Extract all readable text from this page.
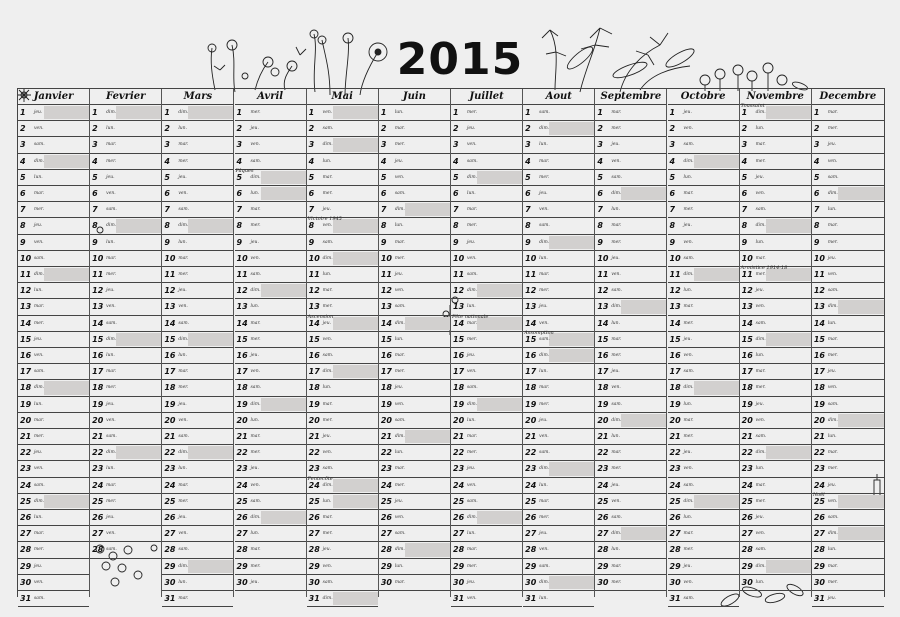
2015
Janvier
1 jeu.
2 ven.
3 sam.
4 dim.
5 lun.
6 mar.
7 mer.
8 jeu.
9 ven.
10 sam.
11 dim.
12 lun.
13 mar.
14 mer.
15 jeu.
16 ven.
17 sam.
18 dim.
19 lun.
20 mar.
21 mer.
22 jeu.
23 ven.
24 sam.
25 dim.
26 lun.
27 mar.
28 mer.
29 jeu.
30 ven.
31 sam.
Fevrier
1 dim.
2 lun.
3 mar.
4 mer.
5 jeu.
6 ven.
7 sam.
8 dim.
9 lun.
10 mar.
11 mer.
12 jeu.
13 ven.
14 sam.
15 dim.
16 lun.
17 mar.
18 mer.
19 jeu.
20 ven.
21 sam.
22 dim.
23 lun.
24 mar.
25 mer.
26 jeu.
27 ven.
28 sam.
Mars
1 dim.
2 lun.
3 mar.
4 mer.
5 jeu.
6 ven.
7 sam.
8 dim.
9 lun.
10 mar.
11 mer.
12 jeu.
13 ven.
14 sam.
15 dim.
16 lun.
17 mar.
18 mer.
19 jeu.
20 ven.
21 sam.
22 dim.
23 lun.
24 mar.
25 mer.
26 jeu.
27 ven.
28 sam.
29 dim.
30 lun.
31 mar.
Avril
1 mer.
2 jeu.
3 ven.
4 sam.
5 dim.
Pâques
6 lun.
7 mar.
8 mer.
9 jeu.
10 ven.
11 sam.
12 dim.
13 lun.
14 mar.
15 mer.
16 jeu.
17 ven.
18 sam.
19 dim.
20 lun.
21 mar.
22 mer.
23 jeu.
24 ven.
25 sam.
26 dim.
27 lun.
28 mar.
29 mer.
30 jeu.
Mai
1 ven.
2 sam.
3 dim.
4 lun.
5 mar.
6 mer.
7 jeu.
8 ven.
Victoire 1945
9 sam.
10 dim.
11 lun.
12 mar.
13 mer.
14 jeu.
Ascension
15 ven.
16 sam.
17 dim.
18 lun.
19 mar.
20 mer.
21 jeu.
22 ven.
23 sam.
24 dim.
Pentecôte
25 lun.
26 mar.
27 mer.
28 jeu.
29 ven.
30 sam.
31 dim.
Juin
1 lun.
2 mar.
3 mer.
4 jeu.
5 ven.
6 sam.
7 dim.
8 lun.
9 mar.
10 mer.
11 jeu.
12 ven.
13 sam.
14 dim.
15 lun.
16 mar.
17 mer.
18 jeu.
19 ven.
20 sam.
21 dim.
22 lun.
23 mar.
24 mer.
25 jeu.
26 ven.
27 sam.
28 dim.
29 lun.
30 mar.
Juillet
1 mer.
2 jeu.
3 ven.
4 sam.
5 dim.
6 lun.
7 mar.
8 mer.
9 jeu.
10 ven.
11 sam.
12 dim.
13 lun.
14 mar.
Fête nationale
15 mer.
16 jeu.
17 ven.
18 sam.
19 dim.
20 lun.
21 mar.
22 mer.
23 jeu.
24 ven.
25 sam.
26 dim.
27 lun.
28 mar.
29 mer.
30 jeu.
31 ven.
Aout
1 sam.
2 dim.
3 lun.
4 mar.
5 mer.
6 jeu.
7 ven.
8 sam.
9 dim.
10 lun.
11 mar.
12 mer.
13 jeu.
14 ven.
15 sam.
Assomption
16 dim.
17 lun.
18 mar.
19 mer.
20 jeu.
21 ven.
22 sam.
23 dim.
24 lun.
25 mar.
26 mer.
27 jeu.
28 ven.
29 sam.
30 dim.
31 lun.
Septembre
1 mar.
2 mer.
3 jeu.
4 ven.
5 sam.
6 dim.
7 lun.
8 mar.
9 mer.
10 jeu.
11 ven.
12 sam.
13 dim.
14 lun.
15 mar.
16 mer.
17 jeu.
18 ven.
19 sam.
20 dim.
21 lun.
22 mar.
23 mer.
24 jeu.
25 ven.
26 sam.
27 dim.
28 lun.
29 mar.
30 mer.
Octobre
1 jeu.
2 ven.
3 sam.
4 dim.
5 lun.
6 mar.
7 mer.
8 jeu.
9 ven.
10 sam.
11 dim.
12 lun.
13 mar.
14 mer.
15 jeu.
16 ven.
17 sam.
18 dim.
19 lun.
20 mar.
21 mer.
22 jeu.
23 ven.
24 sam.
25 dim.
26 lun.
27 mar.
28 mer.
29 jeu.
30 ven.
31 sam.
Novembre
1 dim.
Toussaint
2 lun.
3 mar.
4 mer.
5 jeu.
6 ven.
7 sam.
8 dim.
9 lun.
10 mar.
11 mer.
Armistice 1914-18
12 jeu.
13 ven.
14 sam.
15 dim.
16 lun.
17 mar.
18 mer.
19 jeu.
20 ven.
21 sam.
22 dim.
23 lun.
24 mar.
25 mer.
26 jeu.
27 ven.
28 sam.
29 dim.
30 lun.
Decembre
1 mar.
2 mer.
3 jeu.
4 ven.
5 sam.
6 dim.
7 lun.
8 mar.
9 mer.
10 jeu.
11 ven.
12 sam.
13 dim.
14 lun.
15 mar.
16 mer.
17 jeu.
18 ven.
19 sam.
20 dim.
21 lun.
22 mar.
23 mer.
24 jeu.
25 ven.
Noël
26 sam.
27 dim.
28 lun.
29 mar.
30 mer.
31 jeu.
